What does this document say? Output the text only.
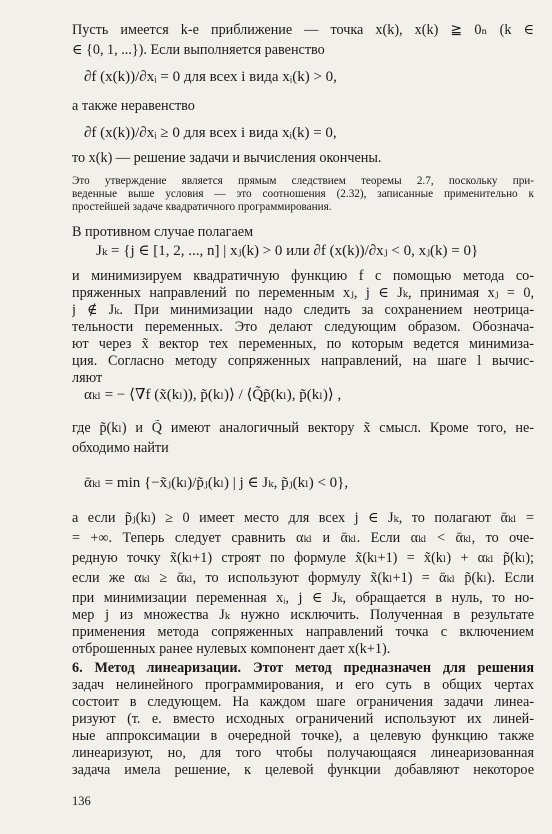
Пусть имеется k-е приближение — точка x(k), x(k) ≧ 0ₙ (k ∈
∈ {0, 1, ...}). Если выполняется равенство
∂f (x(k))/∂xᵢ = 0 для всех i вида xᵢ(k) > 0,
а также неравенство
∂f (x(k))/∂xᵢ ≥ 0 для всех i вида xᵢ(k) = 0,
то x(k) — решение задачи и вычисления окончены.
Это утверждение является прямым следствием теоремы 2.7, поскольку при-
веденные выше условия — это соотношения (2.32), записанные применительно к
простейшей задаче квадратичного программирования.
В противном случае полагаем
Jₖ = {j ∈ [1, 2, ..., n] | xⱼ(k) > 0 или ∂f (x(k))/∂xⱼ < 0, xⱼ(k) = 0}
и минимизируем квадратичную функцию f с помощью метода со-
пряженных направлений по переменным xⱼ, j ∈ Jₖ, принимая xⱼ = 0,
j ∉ Jₖ. При минимизации надо следить за сохранением неотрица-
тельности переменных. Это делают следующим образом. Обознача-
ют через x̃ вектор тех переменных, по которым ведется минимиза-
ция. Согласно методу сопряженных направлений, на шаге l вычис-
ляют
αₖₗ = − ⟨∇f (x̃(kₗ)), p̃(kₗ)⟩ / ⟨Q̃p̃(kₗ), p̃(kₗ)⟩ ,
где p̃(kₗ) и Q̃ имеют аналогичный вектору x̃ смысл. Кроме того, не-
обходимо найти
ᾱₖₗ = min {−x̃ⱼ(kₗ)/p̃ⱼ(kₗ) | j ∈ Jₖ, p̃ⱼ(kₗ) < 0},
а если p̃ⱼ(kₗ) ≥ 0 имеет место для всех j ∈ Jₖ, то полагают ᾱₖₗ =
= +∞. Теперь следует сравнить αₖₗ и ᾱₖₗ. Если αₖₗ < ᾱₖₗ, то оче-
редную точку x̃(kₗ+1) строят по формуле x̃(kₗ+1) = x̃(kₗ) + αₖₗ p̃(kₗ);
если же αₖₗ ≥ ᾱₖₗ, то используют формулу x̃(kₗ+1) = ᾱₖₗ p̃(kₗ). Если
при минимизации переменная xᵢ, j ∈ Jₖ, обращается в нуль, то но-
мер j из множества Jₖ нужно исключить. Полученная в результате
применения метода сопряженных направлений точка с включением
отброшенных ранее нулевых компонент дает x(k+1).
6. Метод линеаризации. Этот метод предназначен для решения
задач нелинейного программирования, и его суть в общих чертах
состоит в следующем. На каждом шаге ограничения задачи линеа-
ризуют (т. е. вместо исходных ограничений используют их линей-
ные аппроксимации в очередной точке), а целевую функцию также
линеаризуют, но, для того чтобы получающаяся линеаризованная
задача имела решение, к целевой функции добавляют некоторое
136
